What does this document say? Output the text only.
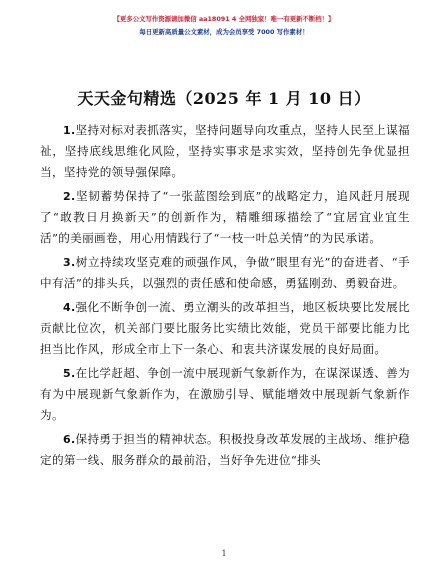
【更多公文写作资源请加微信 aa18091 4 全网独家！唯一有更新不断档！】
每日更新高质量公文素材，成为会员享受 7000 写作素材！
天天金句精选（2025 年 1 月 10 日）

1.坚持对标对表抓落实，坚持问题导向攻重点，坚持人民至上谋福祉，坚持底线思维化风险，坚持实事求是求实效，坚持创先争优显担当，坚持党的领导强保障。

2.坚韧蓄势保持了“一张蓝图绘到底”的战略定力，追风赶月展现了“敢教日月换新天”的创新作为，精雕细琢描绘了“宜居宜业宜生活”的美丽画卷，用心用情践行了“一枝一叶总关情”的为民承诺。

3.树立持续攻坚克难的顽强作风，争做“眼里有光”的奋进者、“手中有活”的排头兵，以强烈的责任感和使命感，勇猛刚劲、勇毅奋进。

4.强化不断争创一流、勇立潮头的改革担当，地区板块要比发展比贡献比位次，机关部门要比服务比实绩比效能，党员干部要比能力比担当比作风，形成全市上下一条心、和衷共济谋发展的良好局面。

5.在比学赶超、争创一流中展现新气象新作为，在谋深谋透、善为有为中展现新气象新作为，在激励引导、赋能增效中展现新气象新作为。

6.保持勇于担当的精神状态。积极投身改革发展的主战场、维护稳定的第一线、服务群众的最前沿，当好争先进位“排头

1
